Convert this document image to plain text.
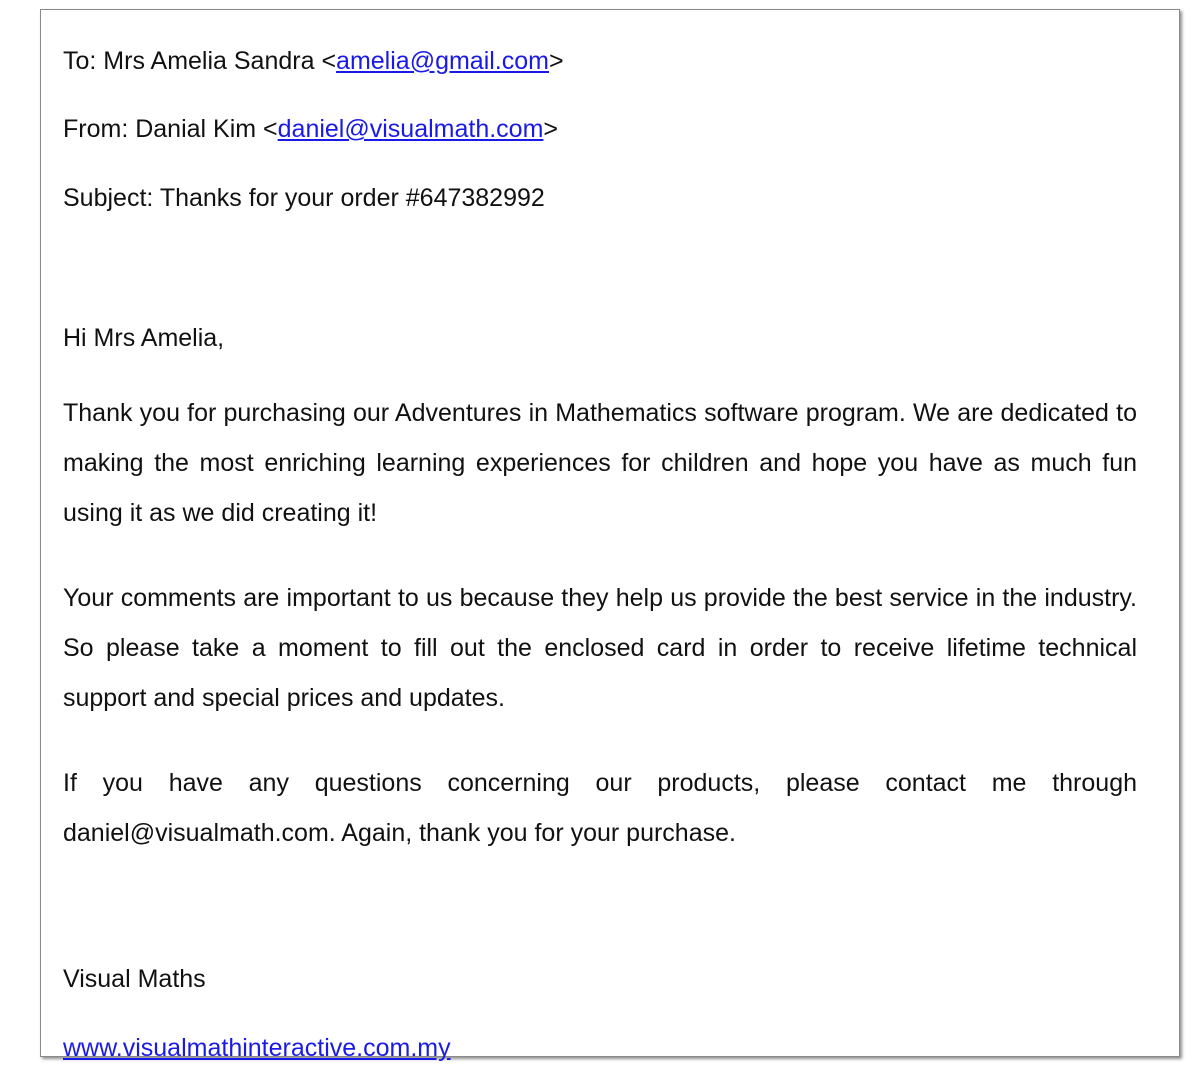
To: Mrs Amelia Sandra <amelia@gmail.com>

From: Danial Kim <daniel@visualmath.com>

Subject: Thanks for your order #647382992

Hi Mrs Amelia,

Thank you for purchasing our Adventures in Mathematics software program. We are dedicated to making the most enriching learning experiences for children and hope you have as much fun using it as we did creating it!

Your comments are important to us because they help us provide the best service in the industry. So please take a moment to fill out the enclosed card in order to receive lifetime technical support and special prices and updates.

If you have any questions concerning our products, please contact me through daniel@visualmath.com. Again, thank you for your purchase.

Visual Maths

www.visualmathinteractive.com.my
